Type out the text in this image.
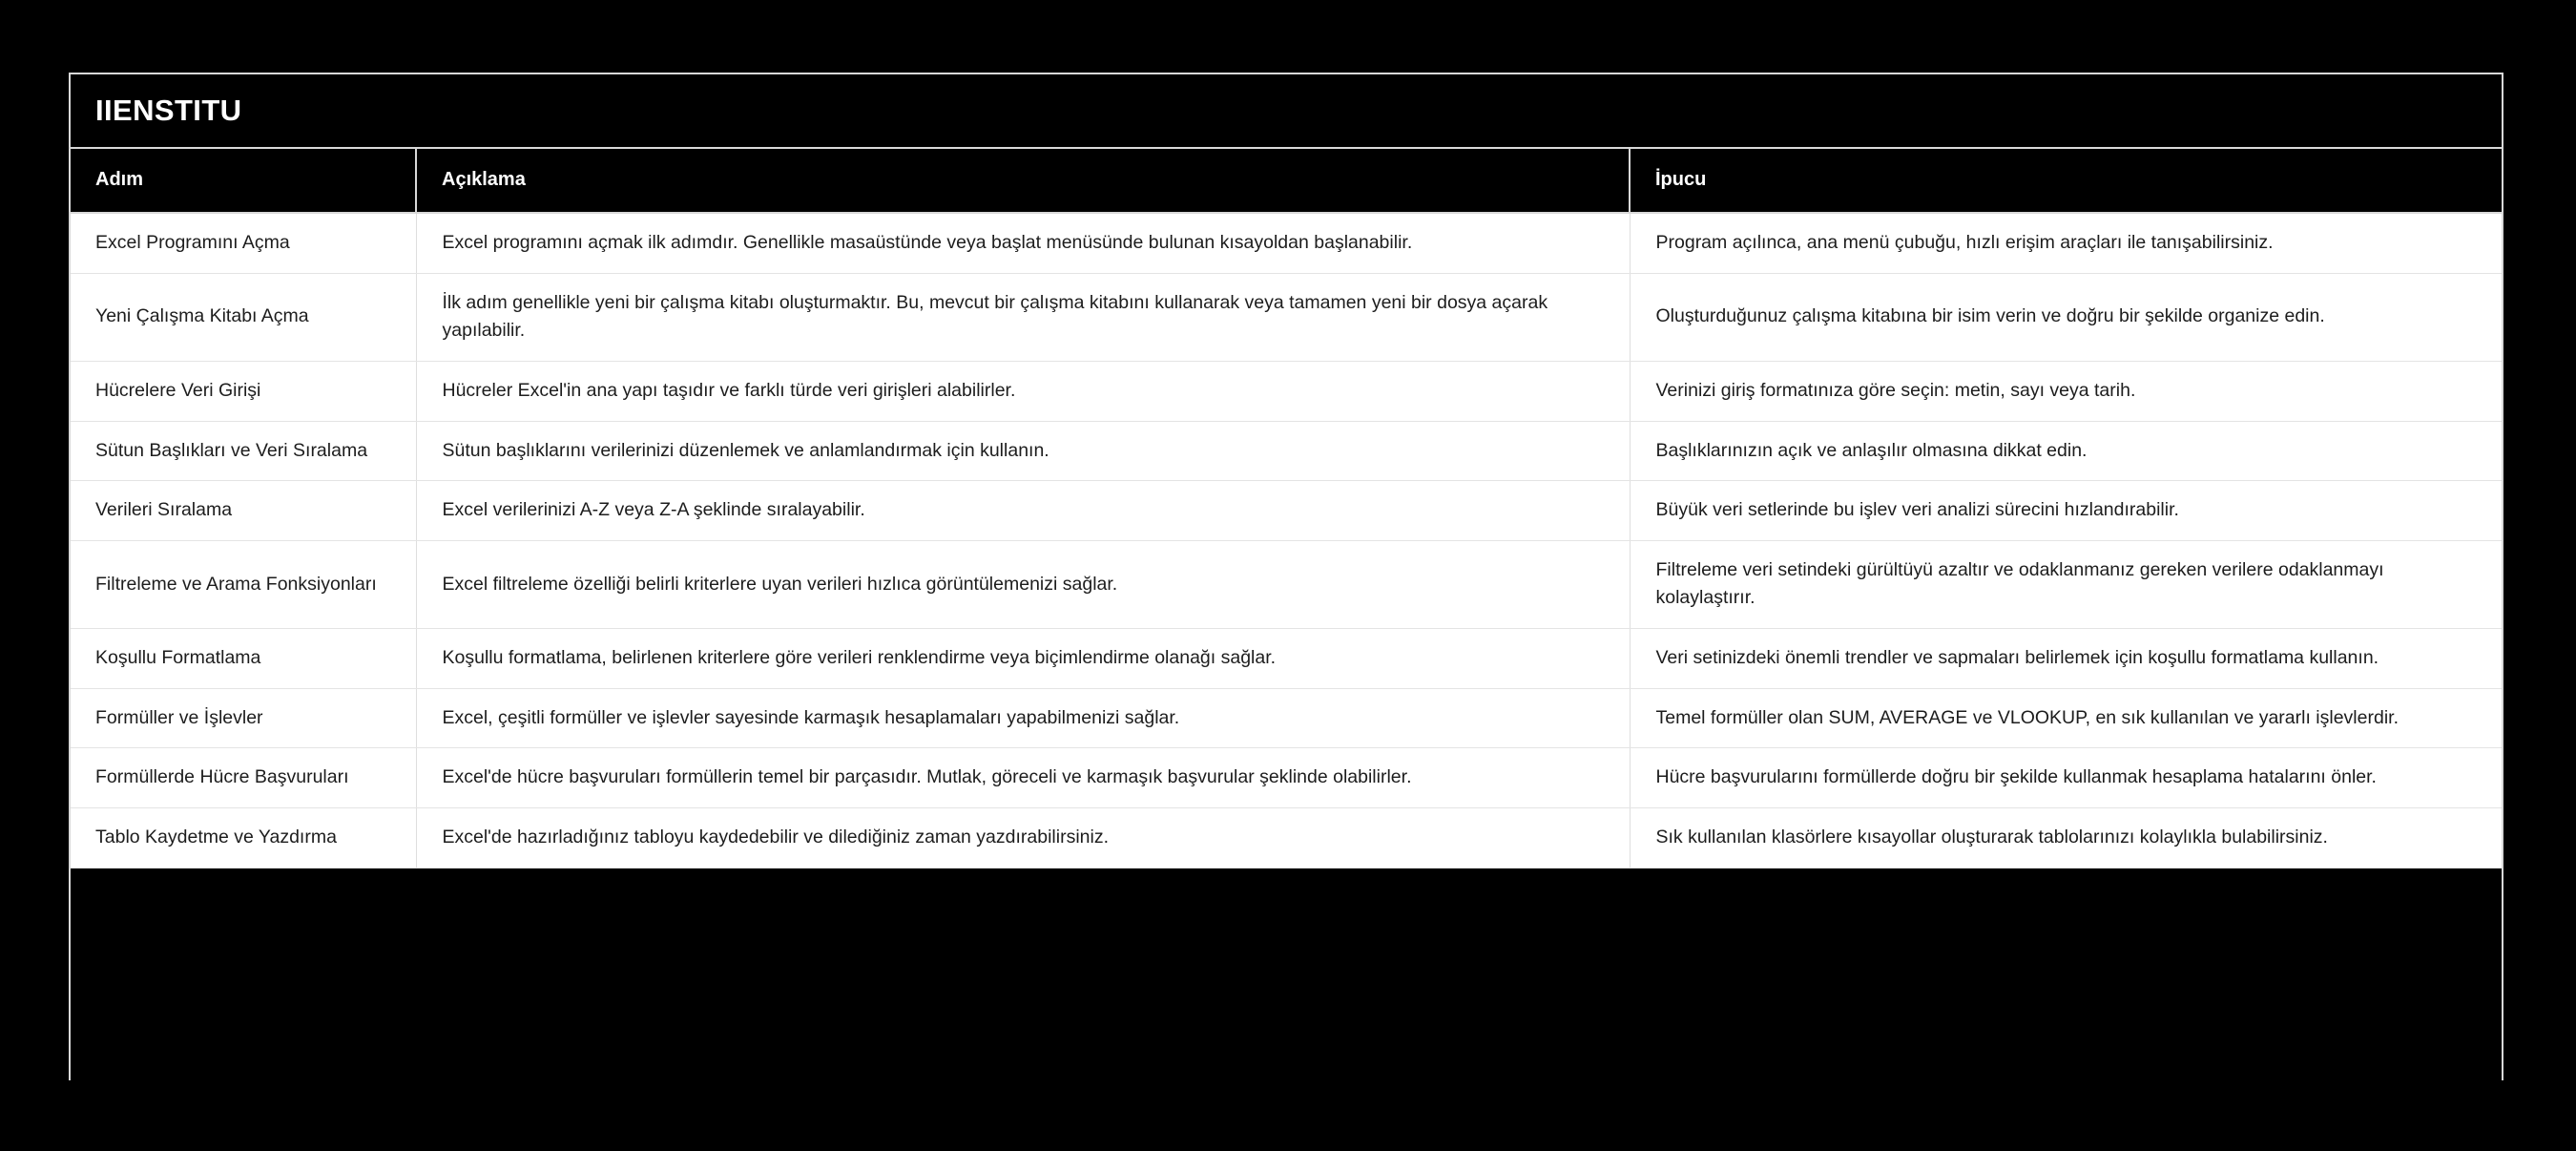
IIENSTITU
Adım	Açıklama	İpucu
Excel Programını Açma	Excel programını açmak ilk adımdır. Genellikle masaüstünde veya başlat menüsünde bulunan kısayoldan başlanabilir.	Program açılınca, ana menü çubuğu, hızlı erişim araçları ile tanışabilirsiniz.
Yeni Çalışma Kitabı Açma	İlk adım genellikle yeni bir çalışma kitabı oluşturmaktır. Bu, mevcut bir çalışma kitabını kullanarak veya tamamen yeni bir dosya açarak yapılabilir.	Oluşturduğunuz çalışma kitabına bir isim verin ve doğru bir şekilde organize edin.
Hücrelere Veri Girişi	Hücreler Excel'in ana yapı taşıdır ve farklı türde veri girişleri alabilirler.	Verinizi giriş formatınıza göre seçin: metin, sayı veya tarih.
Sütun Başlıkları ve Veri Sıralama	Sütun başlıklarını verilerinizi düzenlemek ve anlamlandırmak için kullanın.	Başlıklarınızın açık ve anlaşılır olmasına dikkat edin.
Verileri Sıralama	Excel verilerinizi A-Z veya Z-A şeklinde sıralayabilir.	Büyük veri setlerinde bu işlev veri analizi sürecini hızlandırabilir.
Filtreleme ve Arama Fonksiyonları	Excel filtreleme özelliği belirli kriterlere uyan verileri hızlıca görüntülemenizi sağlar.	Filtreleme veri setindeki gürültüyü azaltır ve odaklanmanız gereken verilere odaklanmayı kolaylaştırır.
Koşullu Formatlama	Koşullu formatlama, belirlenen kriterlere göre verileri renklendirme veya biçimlendirme olanağı sağlar.	Veri setinizdeki önemli trendler ve sapmaları belirlemek için koşullu formatlama kullanın.
Formüller ve İşlevler	Excel, çeşitli formüller ve işlevler sayesinde karmaşık hesaplamaları yapabilmenizi sağlar.	Temel formüller olan SUM, AVERAGE ve VLOOKUP, en sık kullanılan ve yararlı işlevlerdir.
Formüllerde Hücre Başvuruları	Excel'de hücre başvuruları formüllerin temel bir parçasıdır. Mutlak, göreceli ve karmaşık başvurular şeklinde olabilirler.	Hücre başvurularını formüllerde doğru bir şekilde kullanmak hesaplama hatalarını önler.
Tablo Kaydetme ve Yazdırma	Excel'de hazırladığınız tabloyu kaydedebilir ve dilediğiniz zaman yazdırabilirsiniz.	Sık kullanılan klasörlere kısayollar oluşturarak tablolarınızı kolaylıkla bulabilirsiniz.
